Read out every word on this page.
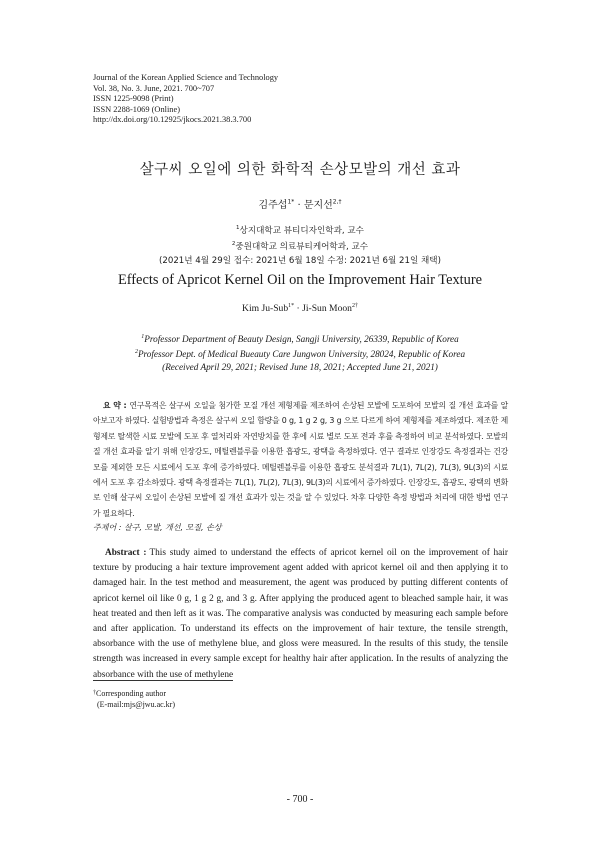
Journal of the Korean Applied Science and Technology
Vol. 38, No. 3. June, 2021. 700~707
ISSN 1225-9098 (Print)
ISSN 2288-1069 (Online)
http://dx.doi.org/10.12925/jkocs.2021.38.3.700
살구씨 오일에 의한 화학적 손상모발의 개선 효과
김주섭$^{1*}$ · 문지선$^{2,\dagger}$
$^1$상지대학교 뷰티디자인학과, 교수
$^2$중원대학교 의료뷰티케어학과, 교수
(2021년 4월 29일 접수: 2021년 6월 18일 수정: 2021년 6월 21일 채택)
Effects of Apricot Kernel Oil on the Improvement Hair Texture
Kim Ju-Sub$^{1*}$ · Ji-Sun Moon$^{2\dagger}$
$^1$Professor Department of Beauty Design, Sangji University, 26339, Republic of Korea
$^2$Professor Dept. of Medical Bueauty Care Jungwon University, 28024, Republic of Korea
(Received April 29, 2021; Revised June 18, 2021; Accepted June 21, 2021)
요 약 : 연구목적은 살구씨 오일을 첨가한 모질 개선 제형제를 제조하여 손상된 모발에 도포하여 모발의 질 개선 효과를 알아보고자 하였다. 실험방법과 측정은 살구씨 오일 함량을 0 g, 1 g 2 g, 3 g 으로 다르게 하여 제형제를 제조하였다. 제조한 제형제로 탈색한 시료 모발에 도포 후 열처리와 자연방치를 한 후에 시료 별로 도포 전과 후를 측정하여 비교 분석하였다. 모발의 질 개선 효과를 알기 위해 인장강도, 메틸렌블루를 이용한 흡광도, 광택을 측정하였다. 연구 결과로 인장강도 측정결과는 건강모를 제외한 모든 시료에서 도포 후에 증가하였다. 메틸렌블루를 이용한 흡광도 분석결과 7L(1), 7L(2), 7L(3), 9L(3)의 시료에서 도포 후 감소하였다. 광택 측정결과는 7L(1), 7L(2), 7L(3), 9L(3)의 시료에서 증가하였다. 인장강도, 흡광도, 광택의 변화로 인해 살구씨 오일이 손상된 모발에 질 개선 효과가 있는 것을 알 수 있었다. 차후 다양한 측정 방법과 처리에 대한 방법 연구가 필요하다.
주제어 : 살구, 모발, 개선, 모질, 손상
Abstract : This study aimed to understand the effects of apricot kernel oil on the improvement of hair texture by producing a hair texture improvement agent added with apricot kernel oil and then applying it to damaged hair. In the test method and measurement, the agent was produced by putting different contents of apricot kernel oil like 0 g, 1 g 2 g, and 3 g. After applying the produced agent to bleached sample hair, it was heat treated and then left as it was. The comparative analysis was conducted by measuring each sample before and after application. To understand its effects on the improvement of hair texture, the tensile strength, absorbance with the use of methylene blue, and gloss were measured. In the results of this study, the tensile strength was increased in every sample except for healthy hair after application. In the results of analyzing the absorbance with the use of methylene
†Corresponding author
(E-mail:mjs@jwu.ac.kr)
- 700 -
